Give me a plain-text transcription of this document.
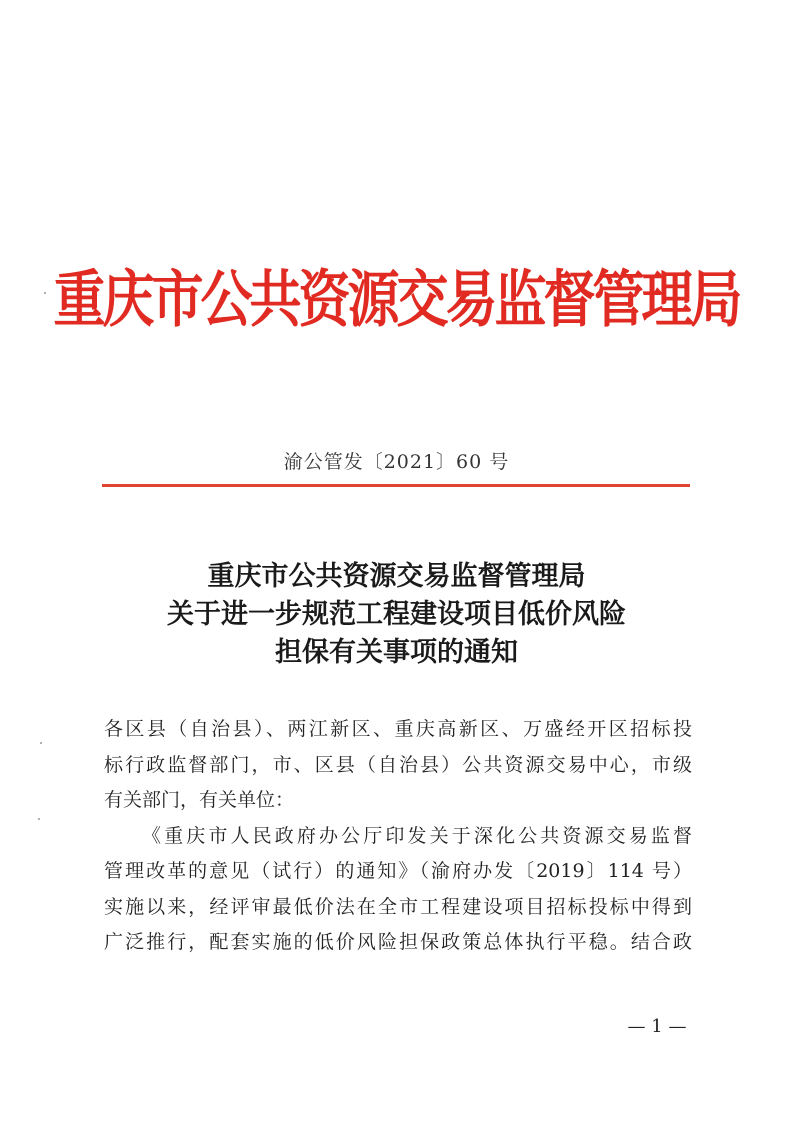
重庆市公共资源交易监督管理局
渝公管发〔2021〕60 号
重庆市公共资源交易监督管理局
关于进一步规范工程建设项目低价风险
担保有关事项的通知
各区县（自治县）、两江新区、重庆高新区、万盛经开区招标投
标行政监督部门，市、区县（自治县）公共资源交易中心，市级
有关部门，有关单位：
《重庆市人民政府办公厅印发关于深化公共资源交易监督
管理改革的意见（试行）的通知》（渝府办发〔2019〕114 号）
实施以来，经评审最低价法在全市工程建设项目招标投标中得到
广泛推行，配套实施的低价风险担保政策总体执行平稳。结合政
— 1 —
